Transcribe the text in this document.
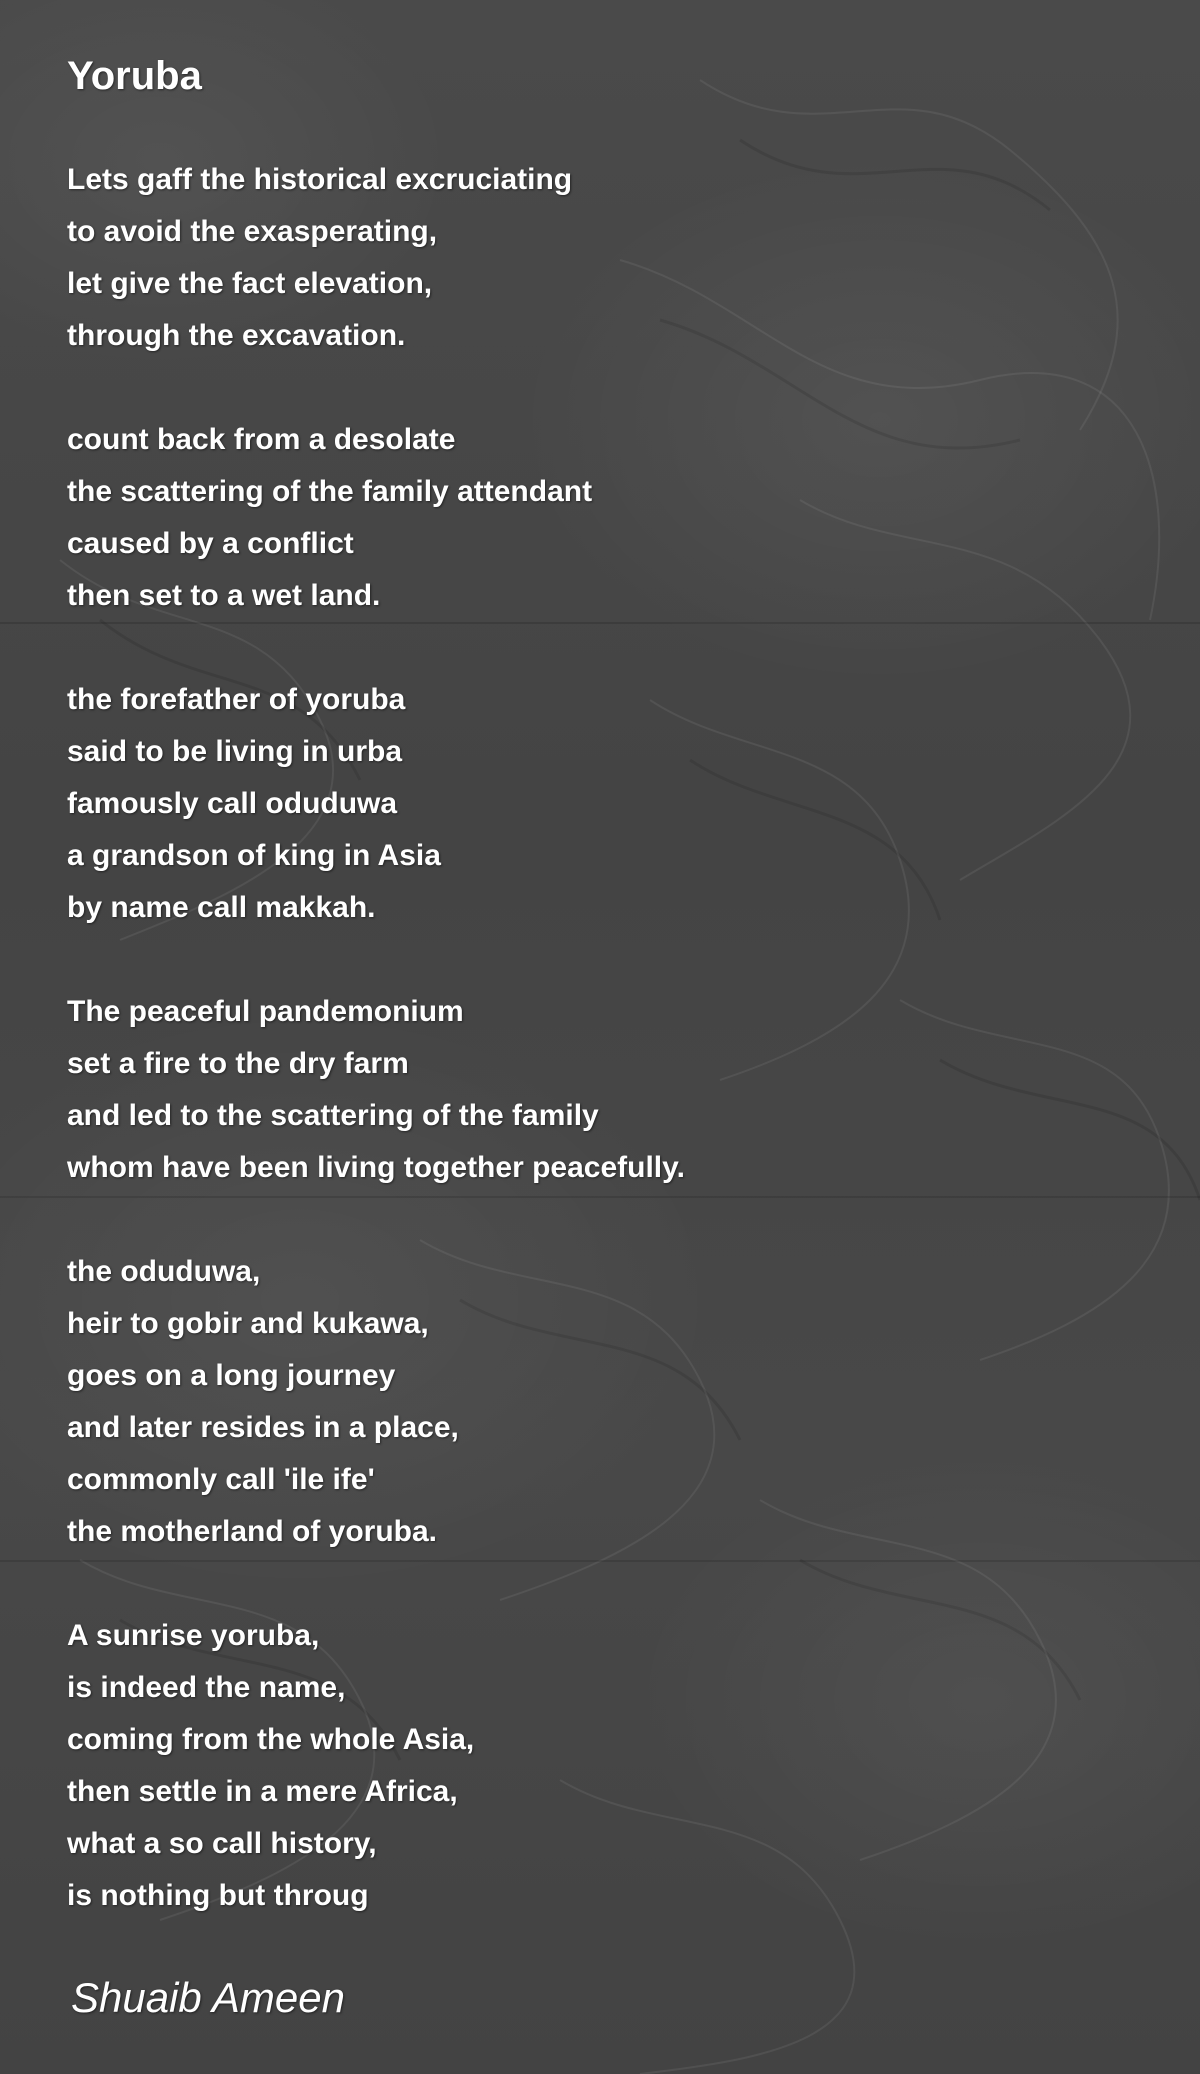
Yoruba
Lets gaff the historical excruciating
to avoid the exasperating,
let give the fact elevation,
through the excavation.
count back from a desolate
the scattering of the family attendant
caused by a conflict
then set to a wet land.
the forefather of yoruba
said to be living in urba
famously call oduduwa
a grandson of king in Asia
by name call makkah.
The peaceful pandemonium
set a fire to the dry farm
and led to the scattering of the family
whom have been living together peacefully.
the oduduwa,
heir to gobir and kukawa,
goes on a long journey
and later resides in a place,
commonly call 'ile ife'
the motherland of yoruba.
A sunrise yoruba,
is indeed the name,
coming from the whole Asia,
then settle in a mere Africa,
what a so call history,
is nothing but throug
Shuaib Ameen
